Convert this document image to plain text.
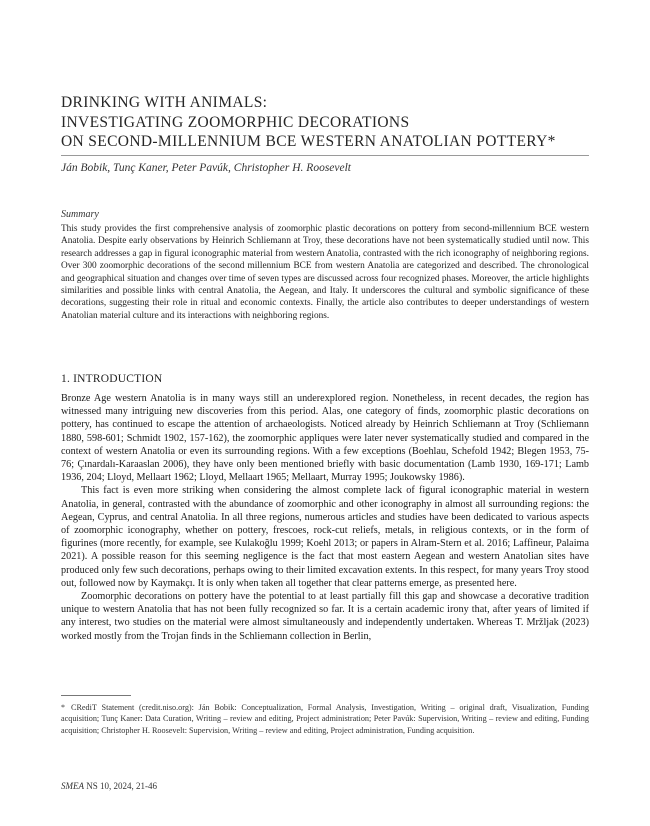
DRINKING WITH ANIMALS:
INVESTIGATING ZOOMORPHIC DECORATIONS
ON SECOND-MILLENNIUM BCE WESTERN ANATOLIAN POTTERY*
Ján Bobik, Tunç Kaner, Peter Pavúk, Christopher H. Roosevelt
Summary
This study provides the first comprehensive analysis of zoomorphic plastic decorations on pottery from second-millennium BCE western Anatolia. Despite early observations by Heinrich Schliemann at Troy, these decorations have not been systematically studied until now. This research addresses a gap in figural iconographic material from western Anatolia, contrasted with the rich iconography of neighboring regions. Over 300 zoomorphic decorations of the second millennium BCE from western Anatolia are categorized and described. The chronological and geographical situation and changes over time of seven types are discussed across four recognized phases. Moreover, the article highlights similarities and possible links with central Anatolia, the Aegean, and Italy. It underscores the cultural and symbolic significance of these decorations, suggesting their role in ritual and economic contexts. Finally, the article also contributes to deeper understandings of western Anatolian material culture and its interactions with neighboring regions.
1. INTRODUCTION

Bronze Age western Anatolia is in many ways still an underexplored region. Nonetheless, in recent decades, the region has witnessed many intriguing new discoveries from this period. Alas, one category of finds, zoomorphic plastic decorations on pottery, has continued to escape the attention of archaeologists. Noticed already by Heinrich Schliemann at Troy (Schliemann 1880, 598-601; Schmidt 1902, 157-162), the zoomorphic appliques were later never systematically studied and compared in the context of western Anatolia or even its surrounding regions. With a few exceptions (Boehlau, Schefold 1942; Blegen 1953, 75-76; Çınardalı-Karaaslan 2006), they have only been mentioned briefly with basic documentation (Lamb 1930, 169-171; Lamb 1936, 204; Lloyd, Mellaart 1962; Lloyd, Mellaart 1965; Mellaart, Murray 1995; Joukowsky 1986).

This fact is even more striking when considering the almost complete lack of figural iconographic material in western Anatolia, in general, contrasted with the abundance of zoomorphic and other iconography in almost all surrounding regions: the Aegean, Cyprus, and central Anatolia. In all three regions, numerous articles and studies have been dedicated to various aspects of zoomorphic iconography, whether on pottery, frescoes, rock-cut reliefs, metals, in religious contexts, or in the form of figurines (more recently, for example, see Kulakoğlu 1999; Koehl 2013; or papers in Alram-Stern et al. 2016; Laffineur, Palaima 2021). A possible reason for this seeming negligence is the fact that most eastern Aegean and western Anatolian sites have produced only few such decorations, perhaps owing to their limited excavation extents. In this respect, for many years Troy stood out, followed now by Kaymakçı. It is only when taken all together that clear patterns emerge, as presented here.

Zoomorphic decorations on pottery have the potential to at least partially fill this gap and showcase a decorative tradition unique to western Anatolia that has not been fully recognized so far. It is a certain academic irony that, after years of limited if any interest, two studies on the material were almost simultaneously and independently undertaken. Whereas T. Mržljak (2023) worked mostly from the Trojan finds in the Schliemann collection in Berlin,

* CRediT Statement (credit.niso.org): Ján Bobik: Conceptualization, Formal Analysis, Investigation, Writing – original draft, Visualization, Funding acquisition; Tunç Kaner: Data Curation, Writing – review and editing, Project administration; Peter Pavúk: Supervision, Writing – review and editing, Funding acquisition; Christopher H. Roosevelt: Supervision, Writing – review and editing, Project administration, Funding acquisition.
SMEA NS 10, 2024, 21-46
